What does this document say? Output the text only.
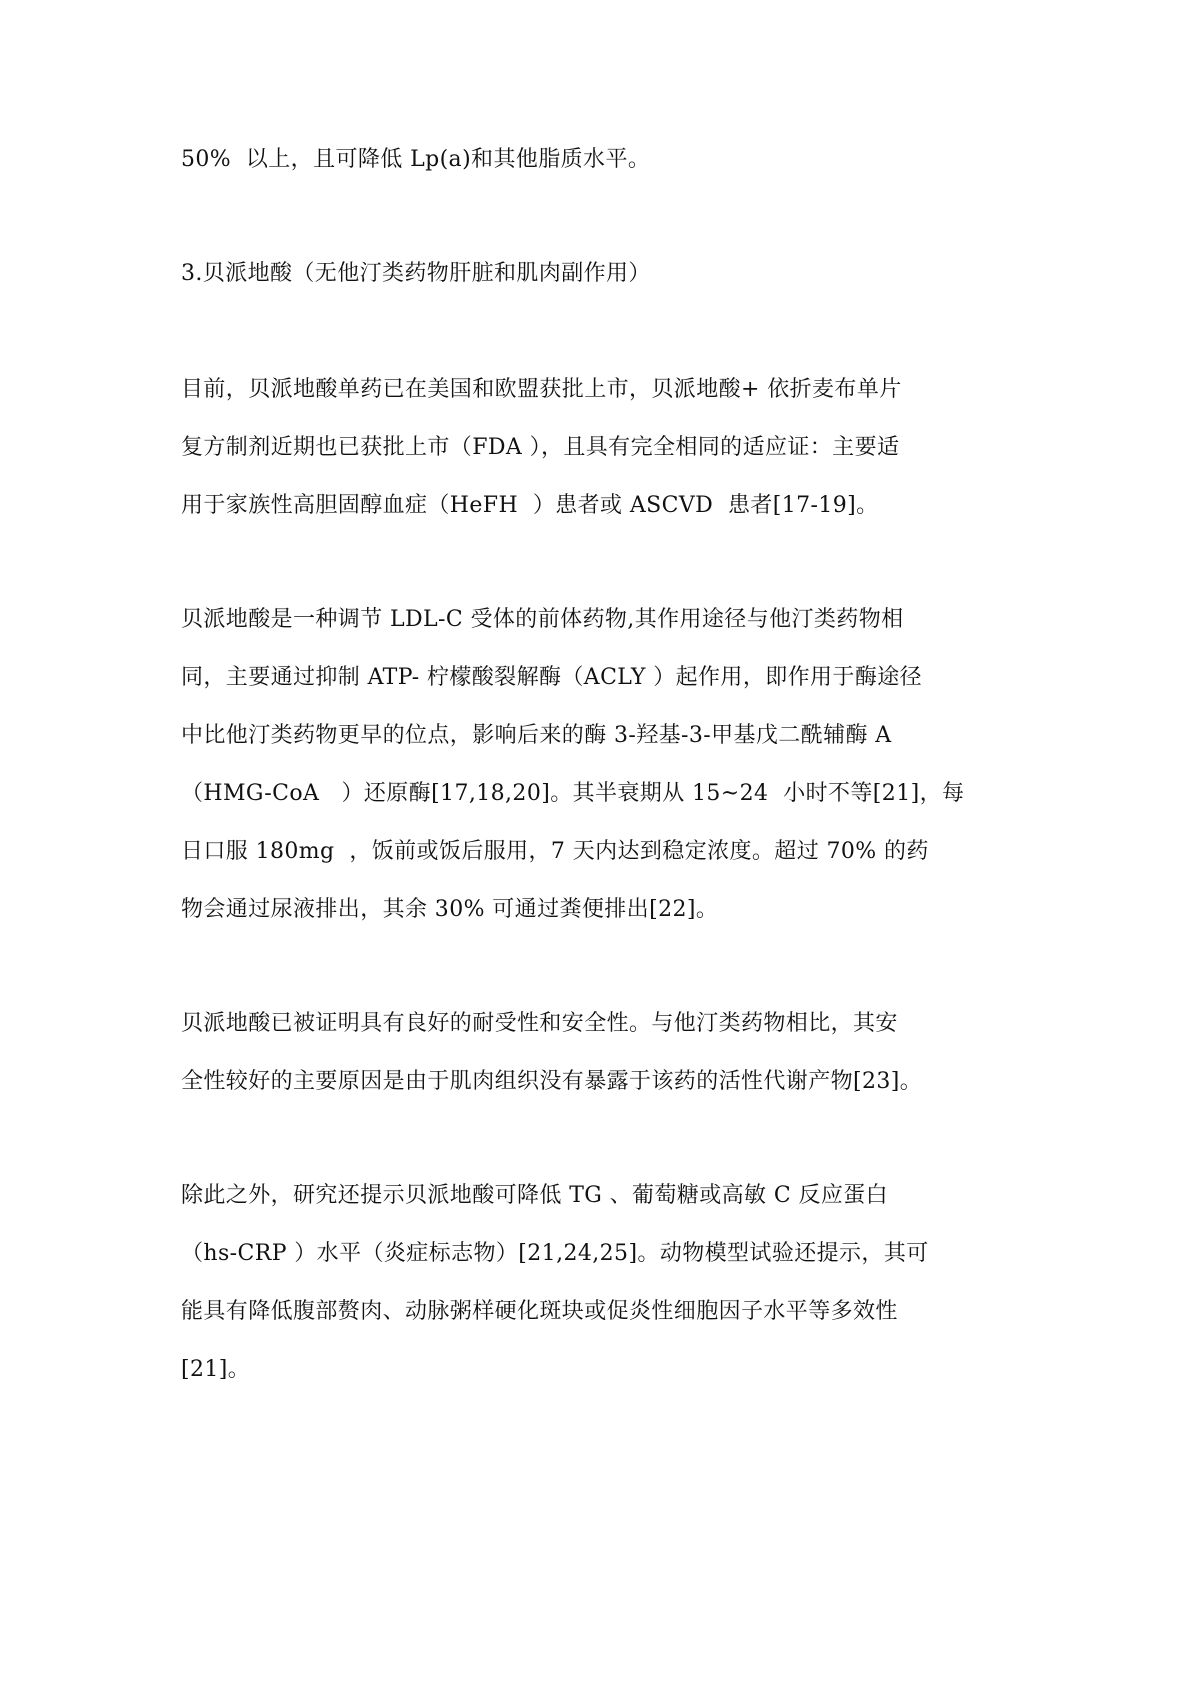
50%  以上，且可降低 Lp(a)和其他脂质水平。
3.贝派地酸（无他汀类药物肝脏和肌肉副作用）
目前，贝派地酸单药已在美国和欧盟获批上市，贝派地酸+ 依折麦布单片
复方制剂近期也已获批上市（FDA ），且具有完全相同的适应证：主要适
用于家族性高胆固醇血症（HeFH  ）患者或 ASCVD  患者[17-19]。
贝派地酸是一种调节 LDL-C 受体的前体药物,其作用途径与他汀类药物相
同，主要通过抑制 ATP- 柠檬酸裂解酶（ACLY ）起作用，即作用于酶途径
中比他汀类药物更早的位点，影响后来的酶 3-羟基-3-甲基戊二酰辅酶 A
（HMG-CoA   ）还原酶[17,18,20]。其半衰期从 15~24  小时不等[21]，每
日口服 180mg  ，饭前或饭后服用，7 天内达到稳定浓度。超过 70% 的药
物会通过尿液排出，其余 30% 可通过粪便排出[22]。
贝派地酸已被证明具有良好的耐受性和安全性。与他汀类药物相比，其安
全性较好的主要原因是由于肌肉组织没有暴露于该药的活性代谢产物[23]。
除此之外，研究还提示贝派地酸可降低 TG 、葡萄糖或高敏 C 反应蛋白
（hs-CRP ）水平（炎症标志物）[21,24,25]。动物模型试验还提示，其可
能具有降低腹部赘肉、动脉粥样硬化斑块或促炎性细胞因子水平等多效性
[21]。
